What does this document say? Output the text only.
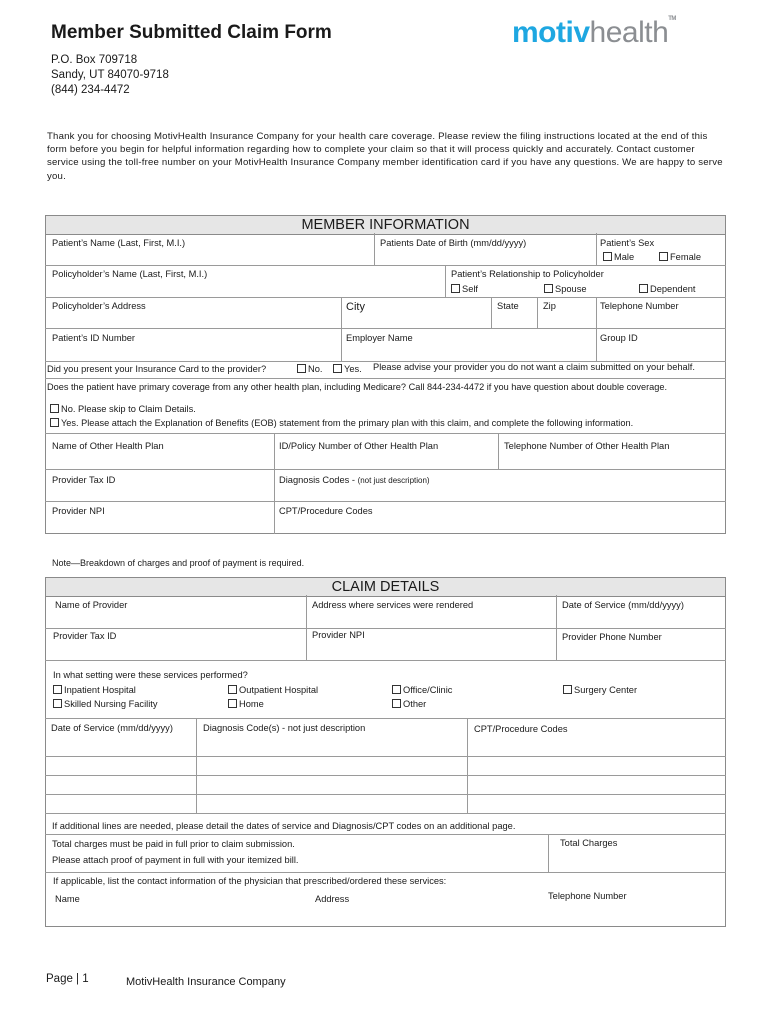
Member Submitted Claim Form
P.O. Box 709718
Sandy, UT 84070-9718
(844) 234-4472
motivhealth™
Thank you for choosing MotivHealth Insurance Company for your health care coverage. Please review the filing instructions located at the end of this form before you begin for helpful information regarding how to complete your claim so that it will process quickly and accurately. Contact customer service using the toll-free number on your MotivHealth Insurance Company member identification card if you have any questions. We are happy to serve you.
MEMBER INFORMATION
Patient’s Name (Last, First, M.I.)	Patients Date of Birth (mm/dd/yyyy)	Patient’s Sex
Male	Female
Policyholder’s Name (Last, First, M.I.)	Patient’s Relationship to Policyholder
Self	Spouse	Dependent
Policyholder’s Address	City	State	Zip	Telephone Number
Patient’s ID Number	Employer Name	Group ID
Did you present your Insurance Card to the provider?	No.	Yes. Please advise your provider you do not want a claim submitted on your behalf.
Does the patient have primary coverage from any other health plan, including Medicare? Call 844-234-4472 if you have question about double coverage.
No. Please skip to Claim Details.
Yes. Please attach the Explanation of Benefits (EOB) statement from the primary plan with this claim, and complete the following information.
Name of Other Health Plan	ID/Policy Number of Other Health Plan	Telephone Number of Other Health Plan
Provider Tax ID	Diagnosis Codes - (not just description)
Provider NPI	CPT/Procedure Codes
Note—Breakdown of charges and proof of payment is required.
CLAIM DETAILS
Name of Provider	Address where services were rendered	Date of Service (mm/dd/yyyy)
Provider Tax ID	Provider NPI	Provider Phone Number
In what setting were these services performed?
Inpatient Hospital	Outpatient Hospital	Office/Clinic	Surgery Center
Skilled Nursing Facility	Home	Other
Date of Service (mm/dd/yyyy)	Diagnosis Code(s) - not just description	CPT/Procedure Codes
If additional lines are needed, please detail the dates of service and Diagnosis/CPT codes on an additional page.
Total charges must be paid in full prior to claim submission.
Please attach proof of payment in full with your itemized bill.
Total Charges
If applicable, list the contact information of the physician that prescribed/ordered these services:
Name	Address	Telephone Number
Page | 1	MotivHealth Insurance Company
